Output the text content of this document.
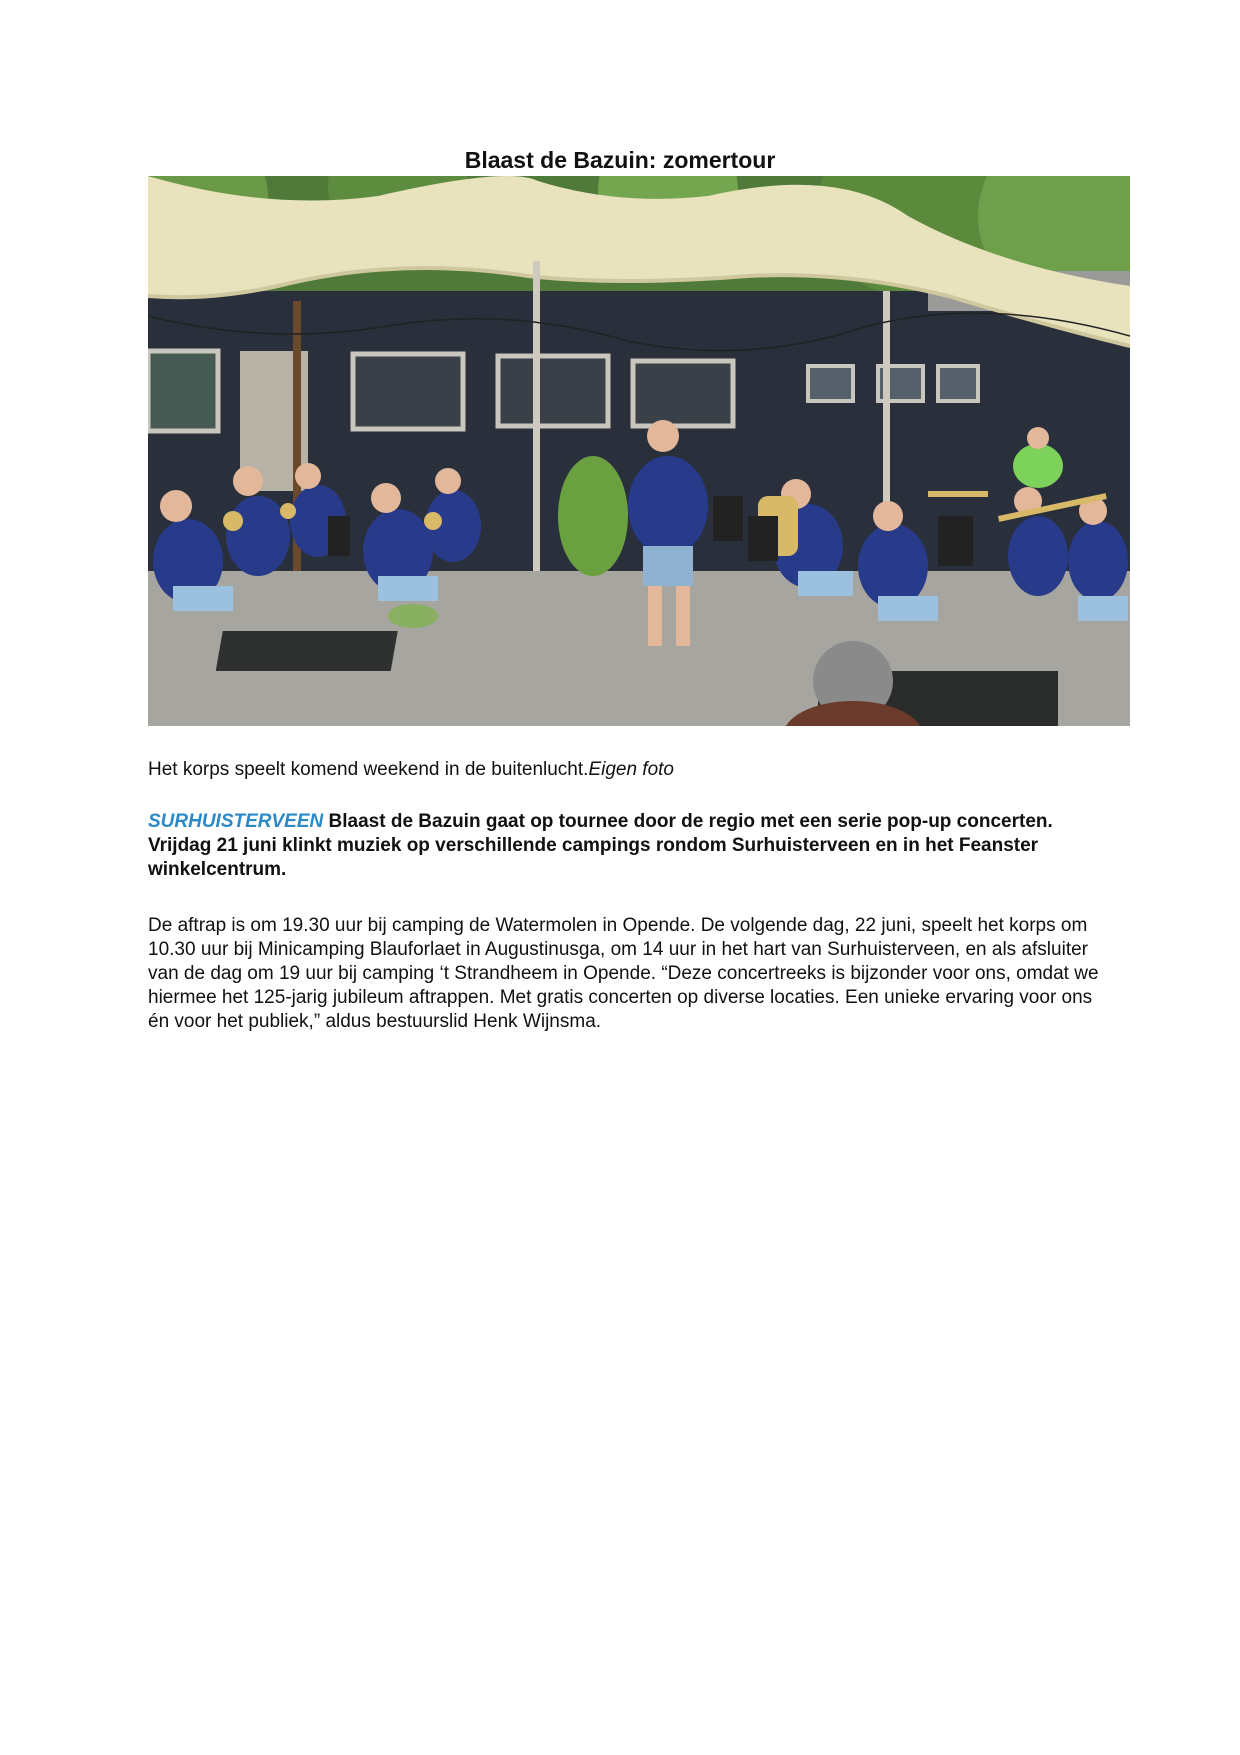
Blaast de Bazuin: zomertour

Het korps speelt komend weekend in de buitenlucht.Eigen foto

SURHUISTERVEEN Blaast de Bazuin gaat op tournee door de regio met een serie pop-up concerten. Vrijdag 21 juni klinkt muziek op verschillende campings rondom Surhuisterveen en in het Feanster winkelcentrum.

De aftrap is om 19.30 uur bij camping de Watermolen in Opende. De volgende dag, 22 juni, speelt het korps om 10.30 uur bij Minicamping Blauforlaet in Augustinusga, om 14 uur in het hart van Surhuisterveen, en als afsluiter van de dag om 19 uur bij camping ‘t Strandheem in Opende. “Deze concertreeks is bijzonder voor ons, omdat we hiermee het 125-jarig jubileum aftrappen. Met gratis concerten op diverse locaties. Een unieke ervaring voor ons én voor het publiek,” aldus bestuurslid Henk Wijnsma.
